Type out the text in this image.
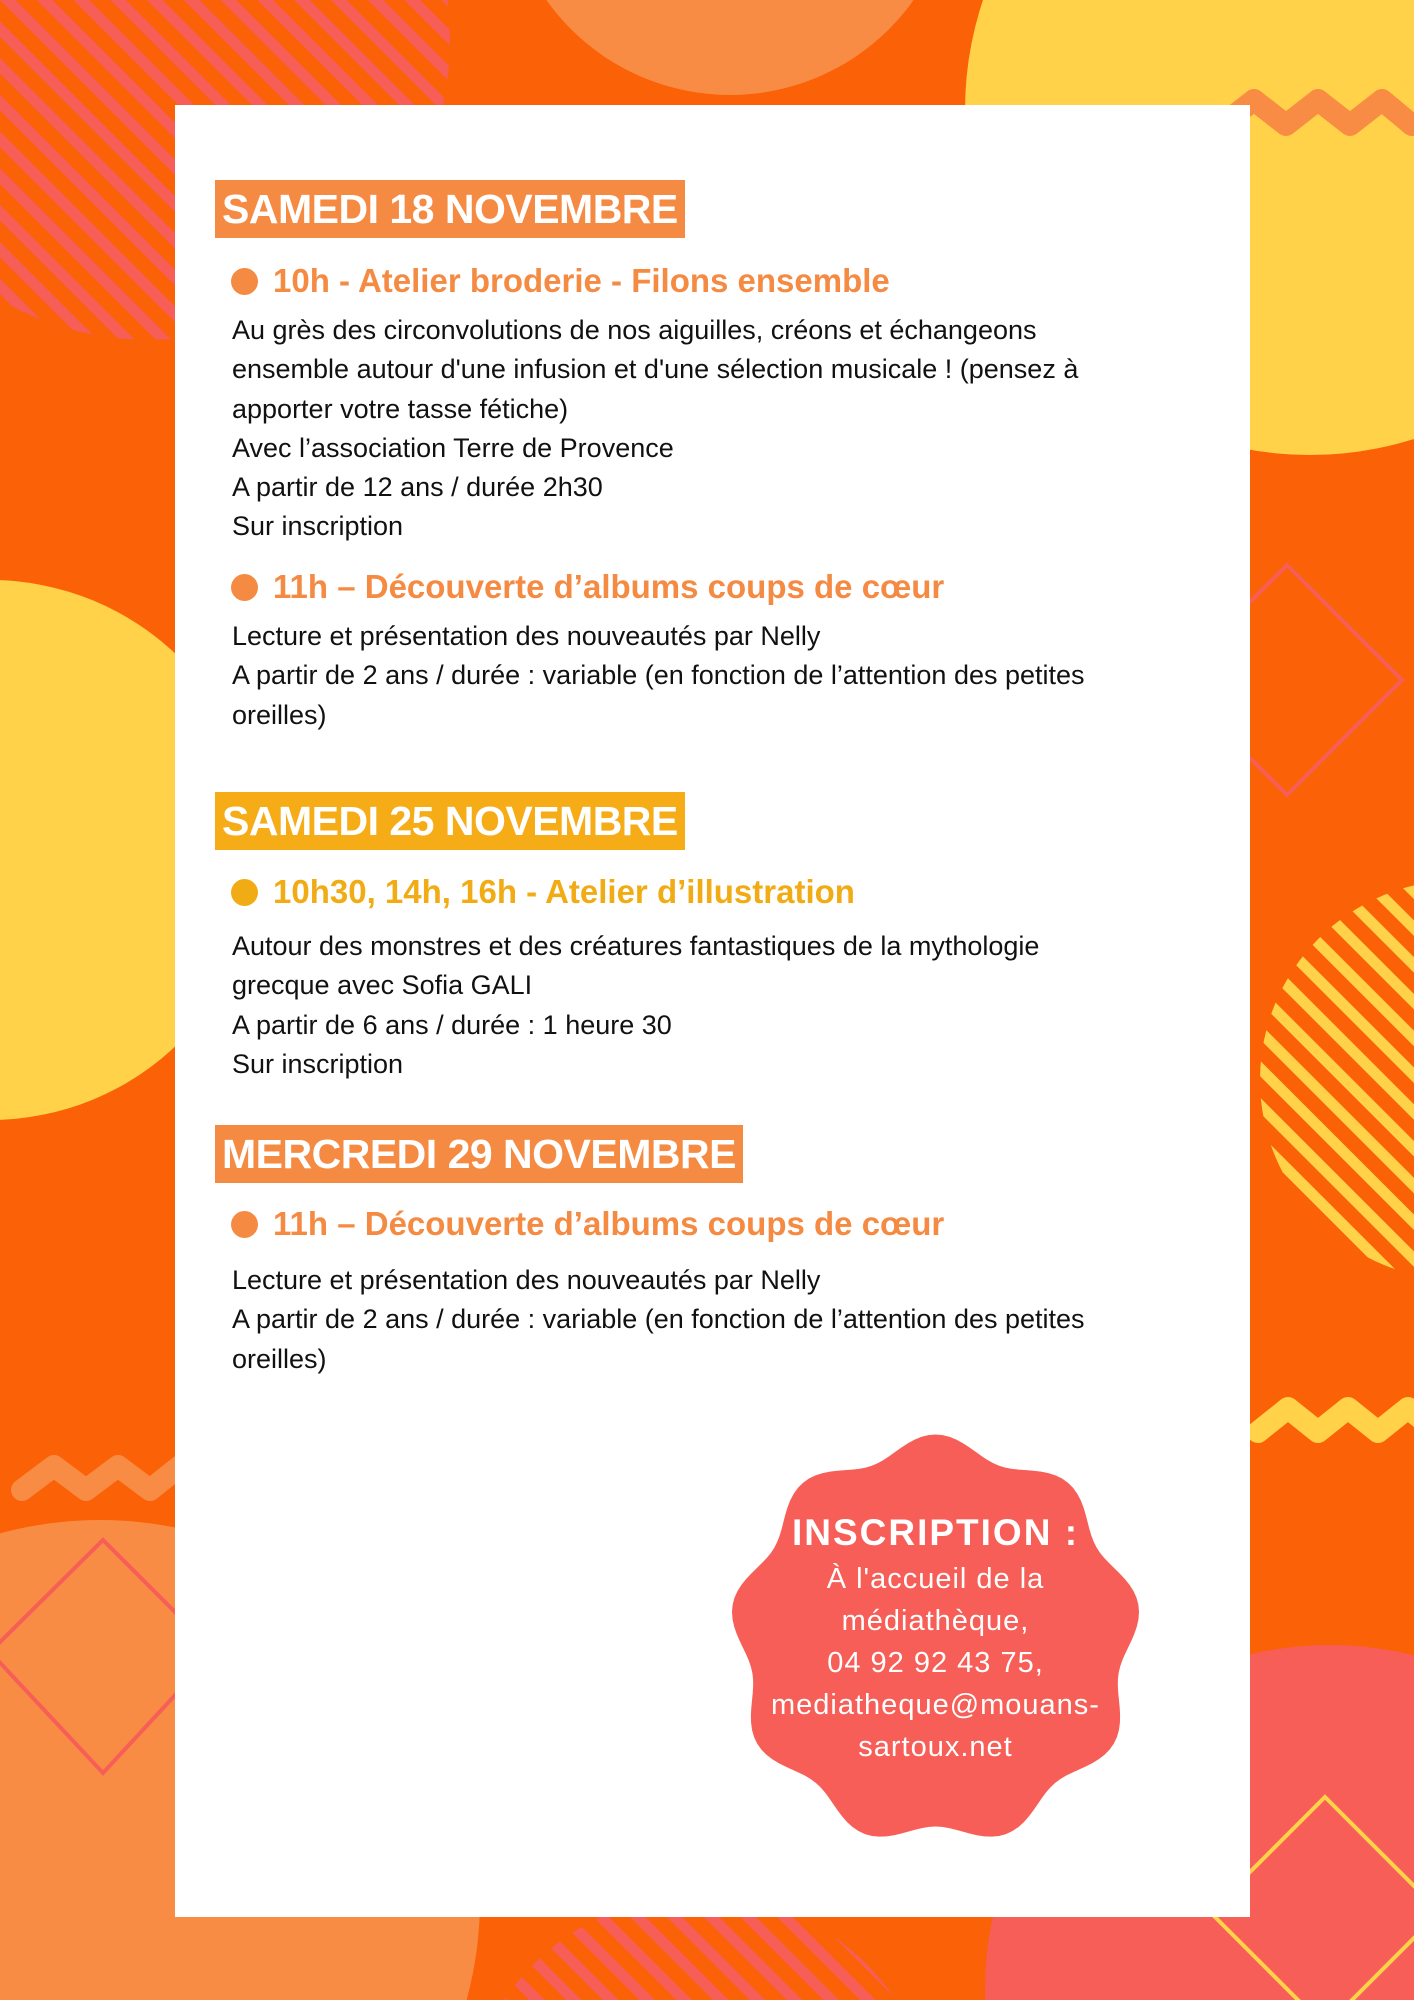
SAMEDI 18 NOVEMBRE
10h - Atelier broderie - Filons ensemble
Au grès des circonvolutions de nos aiguilles, créons et échangeons
ensemble autour d'une infusion et d'une sélection musicale ! (pensez à
apporter votre tasse fétiche)
Avec l’association Terre de Provence
A partir de 12 ans / durée 2h30
Sur inscription
11h – Découverte d’albums coups de cœur
Lecture et présentation des nouveautés par Nelly
A partir de 2 ans / durée : variable (en fonction de l’attention des petites
oreilles)
SAMEDI 25 NOVEMBRE
10h30, 14h, 16h - Atelier d’illustration
Autour des monstres et des créatures fantastiques de la mythologie
grecque avec Sofia GALI
A partir de 6 ans / durée : 1 heure 30
Sur inscription
MERCREDI 29 NOVEMBRE
11h – Découverte d’albums coups de cœur
Lecture et présentation des nouveautés par Nelly
A partir de 2 ans / durée : variable (en fonction de l’attention des petites
oreilles)
INSCRIPTION :
À l'accueil de la
médiathèque,
04 92 92 43 75,
mediatheque@mouans-
sartoux.net
